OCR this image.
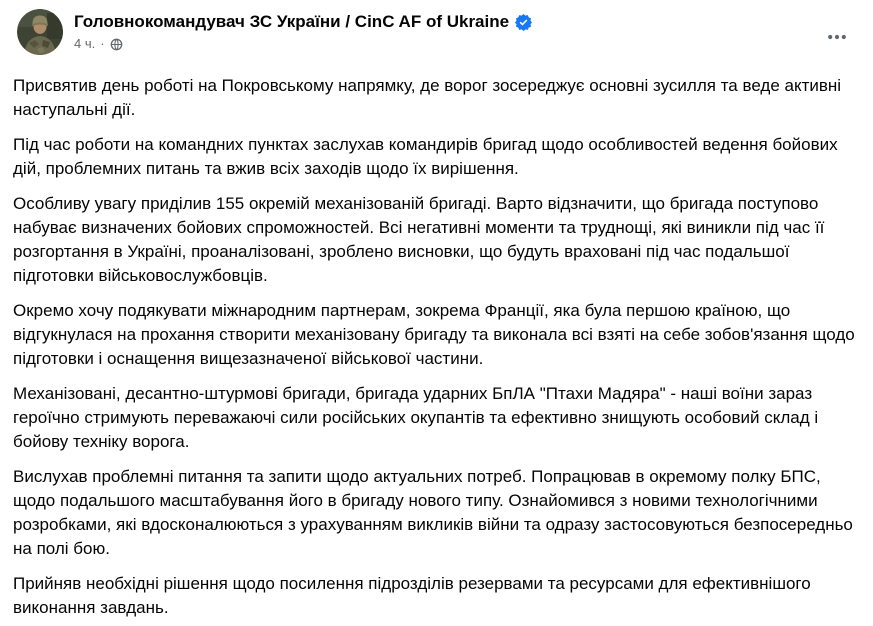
Головнокомандувач ЗС України / CinC AF of Ukraine
4 ч. ·

Присвятив день роботі на Покровському напрямку, де ворог зосереджує основні зусилля та веде активні наступальні дії.

Під час роботи на командних пунктах заслухав командирів бригад щодо особливостей ведення бойових дій, проблемних питань та вжив всіх заходів щодо їх вирішення.

Особливу увагу приділив 155 окремій механізованій бригаді. Варто відзначити, що бригада поступово набуває визначених бойових спроможностей. Всі негативні моменти та труднощі, які виникли під час її розгортання в Україні, проаналізовані, зроблено висновки, що будуть враховані під час подальшої підготовки військовослужбовців.

Окремо хочу подякувати міжнародним партнерам, зокрема Франції, яка була першою країною, що відгукнулася на прохання створити механізовану бригаду та виконала всі взяті на себе зобов'язання щодо підготовки і оснащення вищезазначеної військової частини.

Механізовані, десантно-штурмові бригади, бригада ударних БпЛА "Птахи Мадяра" - наші воїни зараз героїчно стримують переважаючі сили російських окупантів та ефективно знищують особовий склад і бойову техніку ворога.

Вислухав проблемні питання та запити щодо актуальних потреб. Попрацював в окремому полку БПС, щодо подальшого масштабування його в бригаду нового типу. Ознайомився з новими технологічними розробками, які вдосконалюються з урахуванням викликів війни та одразу застосовуються безпосередньо на полі бою.

Прийняв необхідні рішення щодо посилення підрозділів резервами та ресурсами для ефективнішого виконання завдань.
